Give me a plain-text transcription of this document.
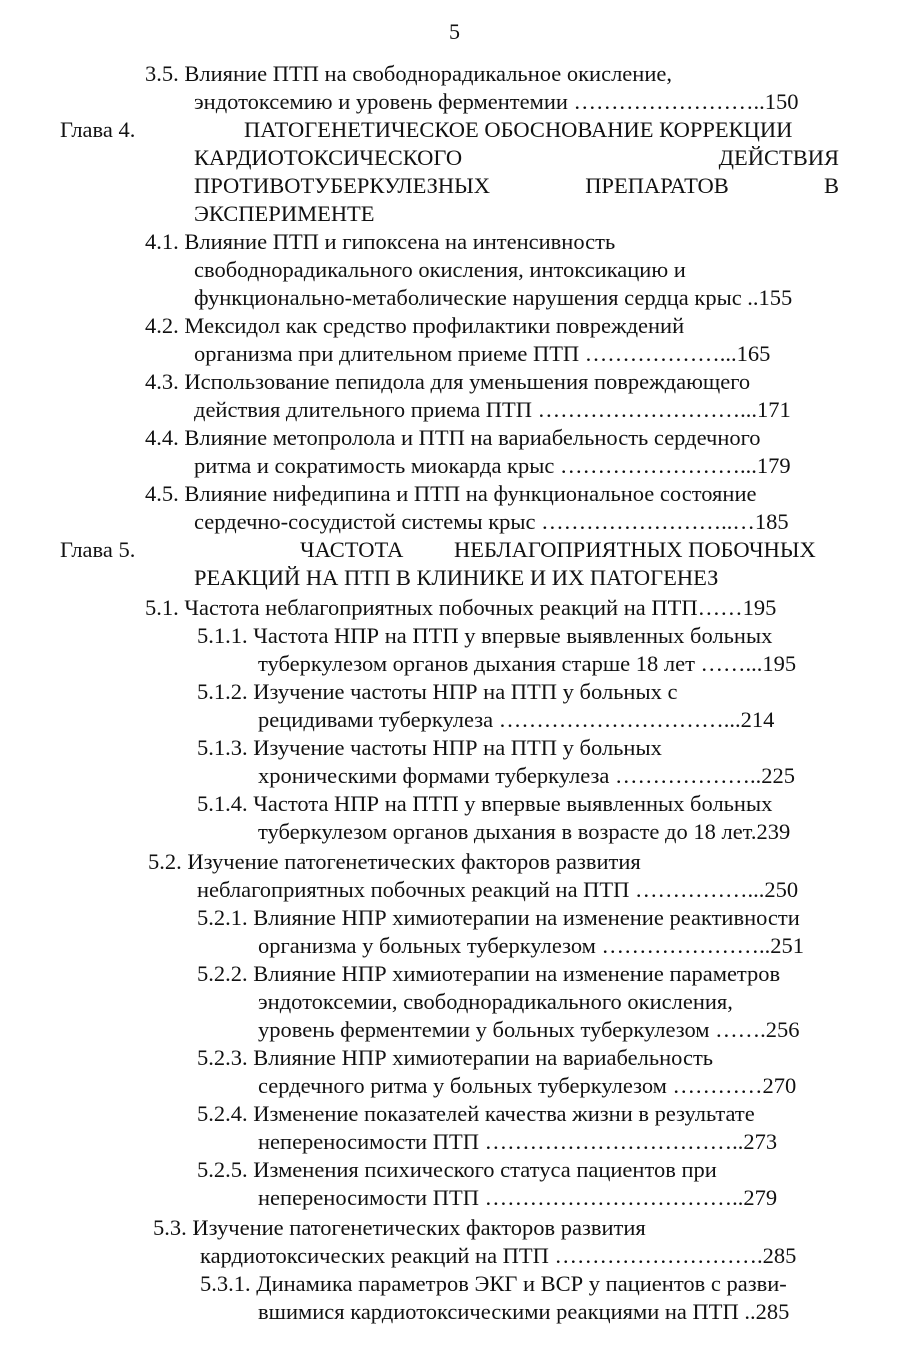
5
3.5. Влияние ПТП на свободнорадикальное окисление,
эндотоксемию и уровень ферментемии ……………………..150
Глава 4.	ПАТОГЕНЕТИЧЕСКОЕ ОБОСНОВАНИЕ КОРРЕКЦИИ
КАРДИОТОКСИЧЕСКОГО	ДЕЙСТВИЯ
ПРОТИВОТУБЕРКУЛЕЗНЫХ	ПРЕПАРАТОВ	В
ЭКСПЕРИМЕНТЕ
4.1. Влияние ПТП и гипоксена на интенсивность
свободнорадикального окисления, интоксикацию и
функционально-метаболические нарушения сердца крыс ..155
4.2. Мексидол как средство профилактики повреждений
организма при длительном приеме ПТП ………………...165
4.3. Использование пепидола для уменьшения повреждающего
действия длительного приема ПТП ………………………...171
4.4. Влияние метопролола и ПТП на вариабельность сердечного
ритма и сократимость миокарда крыс ……………………...179
4.5. Влияние нифедипина и ПТП на функциональное состояние
сердечно-сосудистой системы крыс ……………………..…185
Глава 5.	ЧАСТОТА НЕБЛАГОПРИЯТНЫХ ПОБОЧНЫХ
РЕАКЦИЙ НА ПТП В КЛИНИКЕ И ИХ ПАТОГЕНЕЗ
5.1. Частота неблагоприятных побочных реакций на ПТП……195
5.1.1. Частота НПР на ПТП у впервые выявленных больных
туберкулезом органов дыхания старше 18 лет ……...195
5.1.2. Изучение частоты НПР на ПТП у больных с
рецидивами туберкулеза …………………………...214
5.1.3. Изучение частоты НПР на ПТП у больных
хроническими формами туберкулеза ………………..225
5.1.4. Частота НПР на ПТП у впервые выявленных больных
туберкулезом органов дыхания в возрасте до 18 лет.239
5.2. Изучение патогенетических факторов развития
неблагоприятных побочных реакций на ПТП ……………...250
5.2.1. Влияние НПР химиотерапии на изменение реактивности
организма у больных туберкулезом …………………..251
5.2.2. Влияние НПР химиотерапии на изменение параметров
эндотоксемии, свободнорадикального окисления,
уровень ферментемии у больных туберкулезом …….256
5.2.3. Влияние НПР химиотерапии на вариабельность
сердечного ритма у больных туберкулезом …………270
5.2.4. Изменение показателей качества жизни в результате
непереносимости ПТП ……………………………..273
5.2.5. Изменения психического статуса пациентов при
непереносимости ПТП ……………………………..279
5.3. Изучение патогенетических факторов развития
кардиотоксических реакций на ПТП ……………………….285
5.3.1. Динамика параметров ЭКГ и ВСР у пациентов с разви-
вшимися кардиотоксическими реакциями на ПТП ..285
